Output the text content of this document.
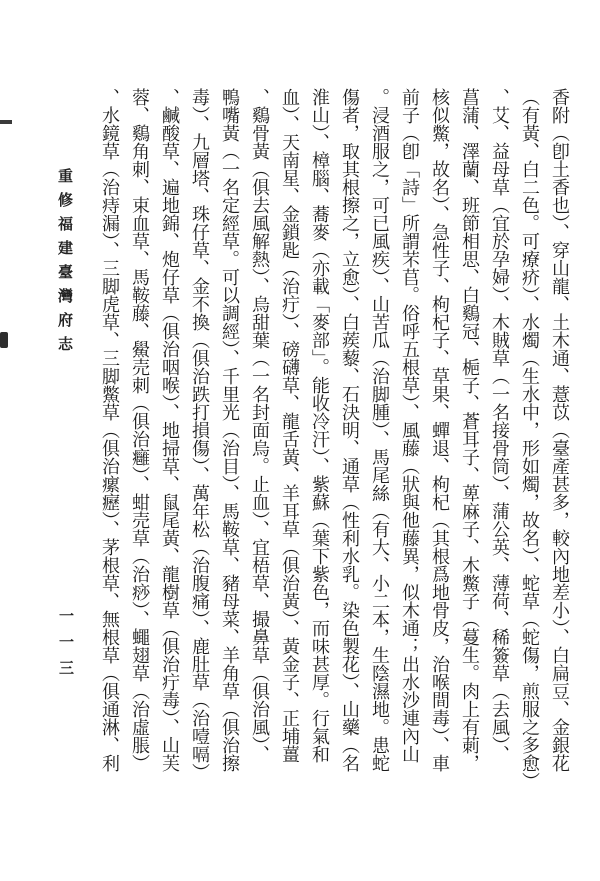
香附（卽土香也）、穿山龍、土木通、薏苡（臺產甚多，較內地差小）、白扁豆、金銀花
（有黃、白二色。可療疥）、水燭（生水中，形如燭，故名）、蛇草（蛇傷，煎服之多愈）
、艾、益母草（宜於孕婦）、木賊草（一名接骨筒）、蒲公英、薄荷、稀簽草（去風）、
菖蒲、澤蘭、班節相思、白鷄冠、梔子、蒼耳子、萆麻子、木鱉子（蔓生。肉上有莿，
核似鱉，故名）、急性子、枸杞子、草果、蟬退、枸杞（其根爲地骨皮，治喉間毒）、車
前子（卽「詩」所謂芣苢。俗呼五根草）、風藤（狀與他藤異，似木通；出水沙連內山
。浸酒服之，可已風疾）、山苦瓜（治脚腫）、馬尾絲（有大、小二本，生陰濕地。患蛇
傷者，取其根擦之，立愈）、白蒺藜、石決明、通草（性利水乳。染色製花）、山藥（名
淮山）、樟腦、蕎麥（亦載「麥部」。能收冷汗）、紫蘇（葉下紫色，而味甚厚。行氣和
血）、天南星、金鎖匙（治疔）、磅礴草、龍舌黃、羊耳草（俱治黃）、黃金子、正埔薑
、鷄骨黃（俱去風解熱）、烏甜葉（一名封面烏。止血）、宜梧草、撮鼻草（俱治風）、
鴨嘴黃（一名定經草。可以調經）、千里光（治目）、馬鞍草、豬母菜、羊角草（俱治擦
毒）、九層塔、珠仔草、金不換（俱治跌打損傷）、萬年松（治腹痛）、鹿肚草（治噎嗝）
、鹹酸草、遍地錦、炮仔草（俱治咽喉）、地掃草、鼠尾黃、龍樹草（俱治疔毒）、山芙
蓉、鷄角刺、束血草、馬鞍藤、鱟売刺（俱治癰）、蚶売草（治痧）、蠅翅草（治虛脹）
、水鏡草（治痔漏）、三脚虎草、三脚鱉草（俱治瘰癧）、茅根草、無根草（俱通淋、利
重修福建臺灣府志
一一三
